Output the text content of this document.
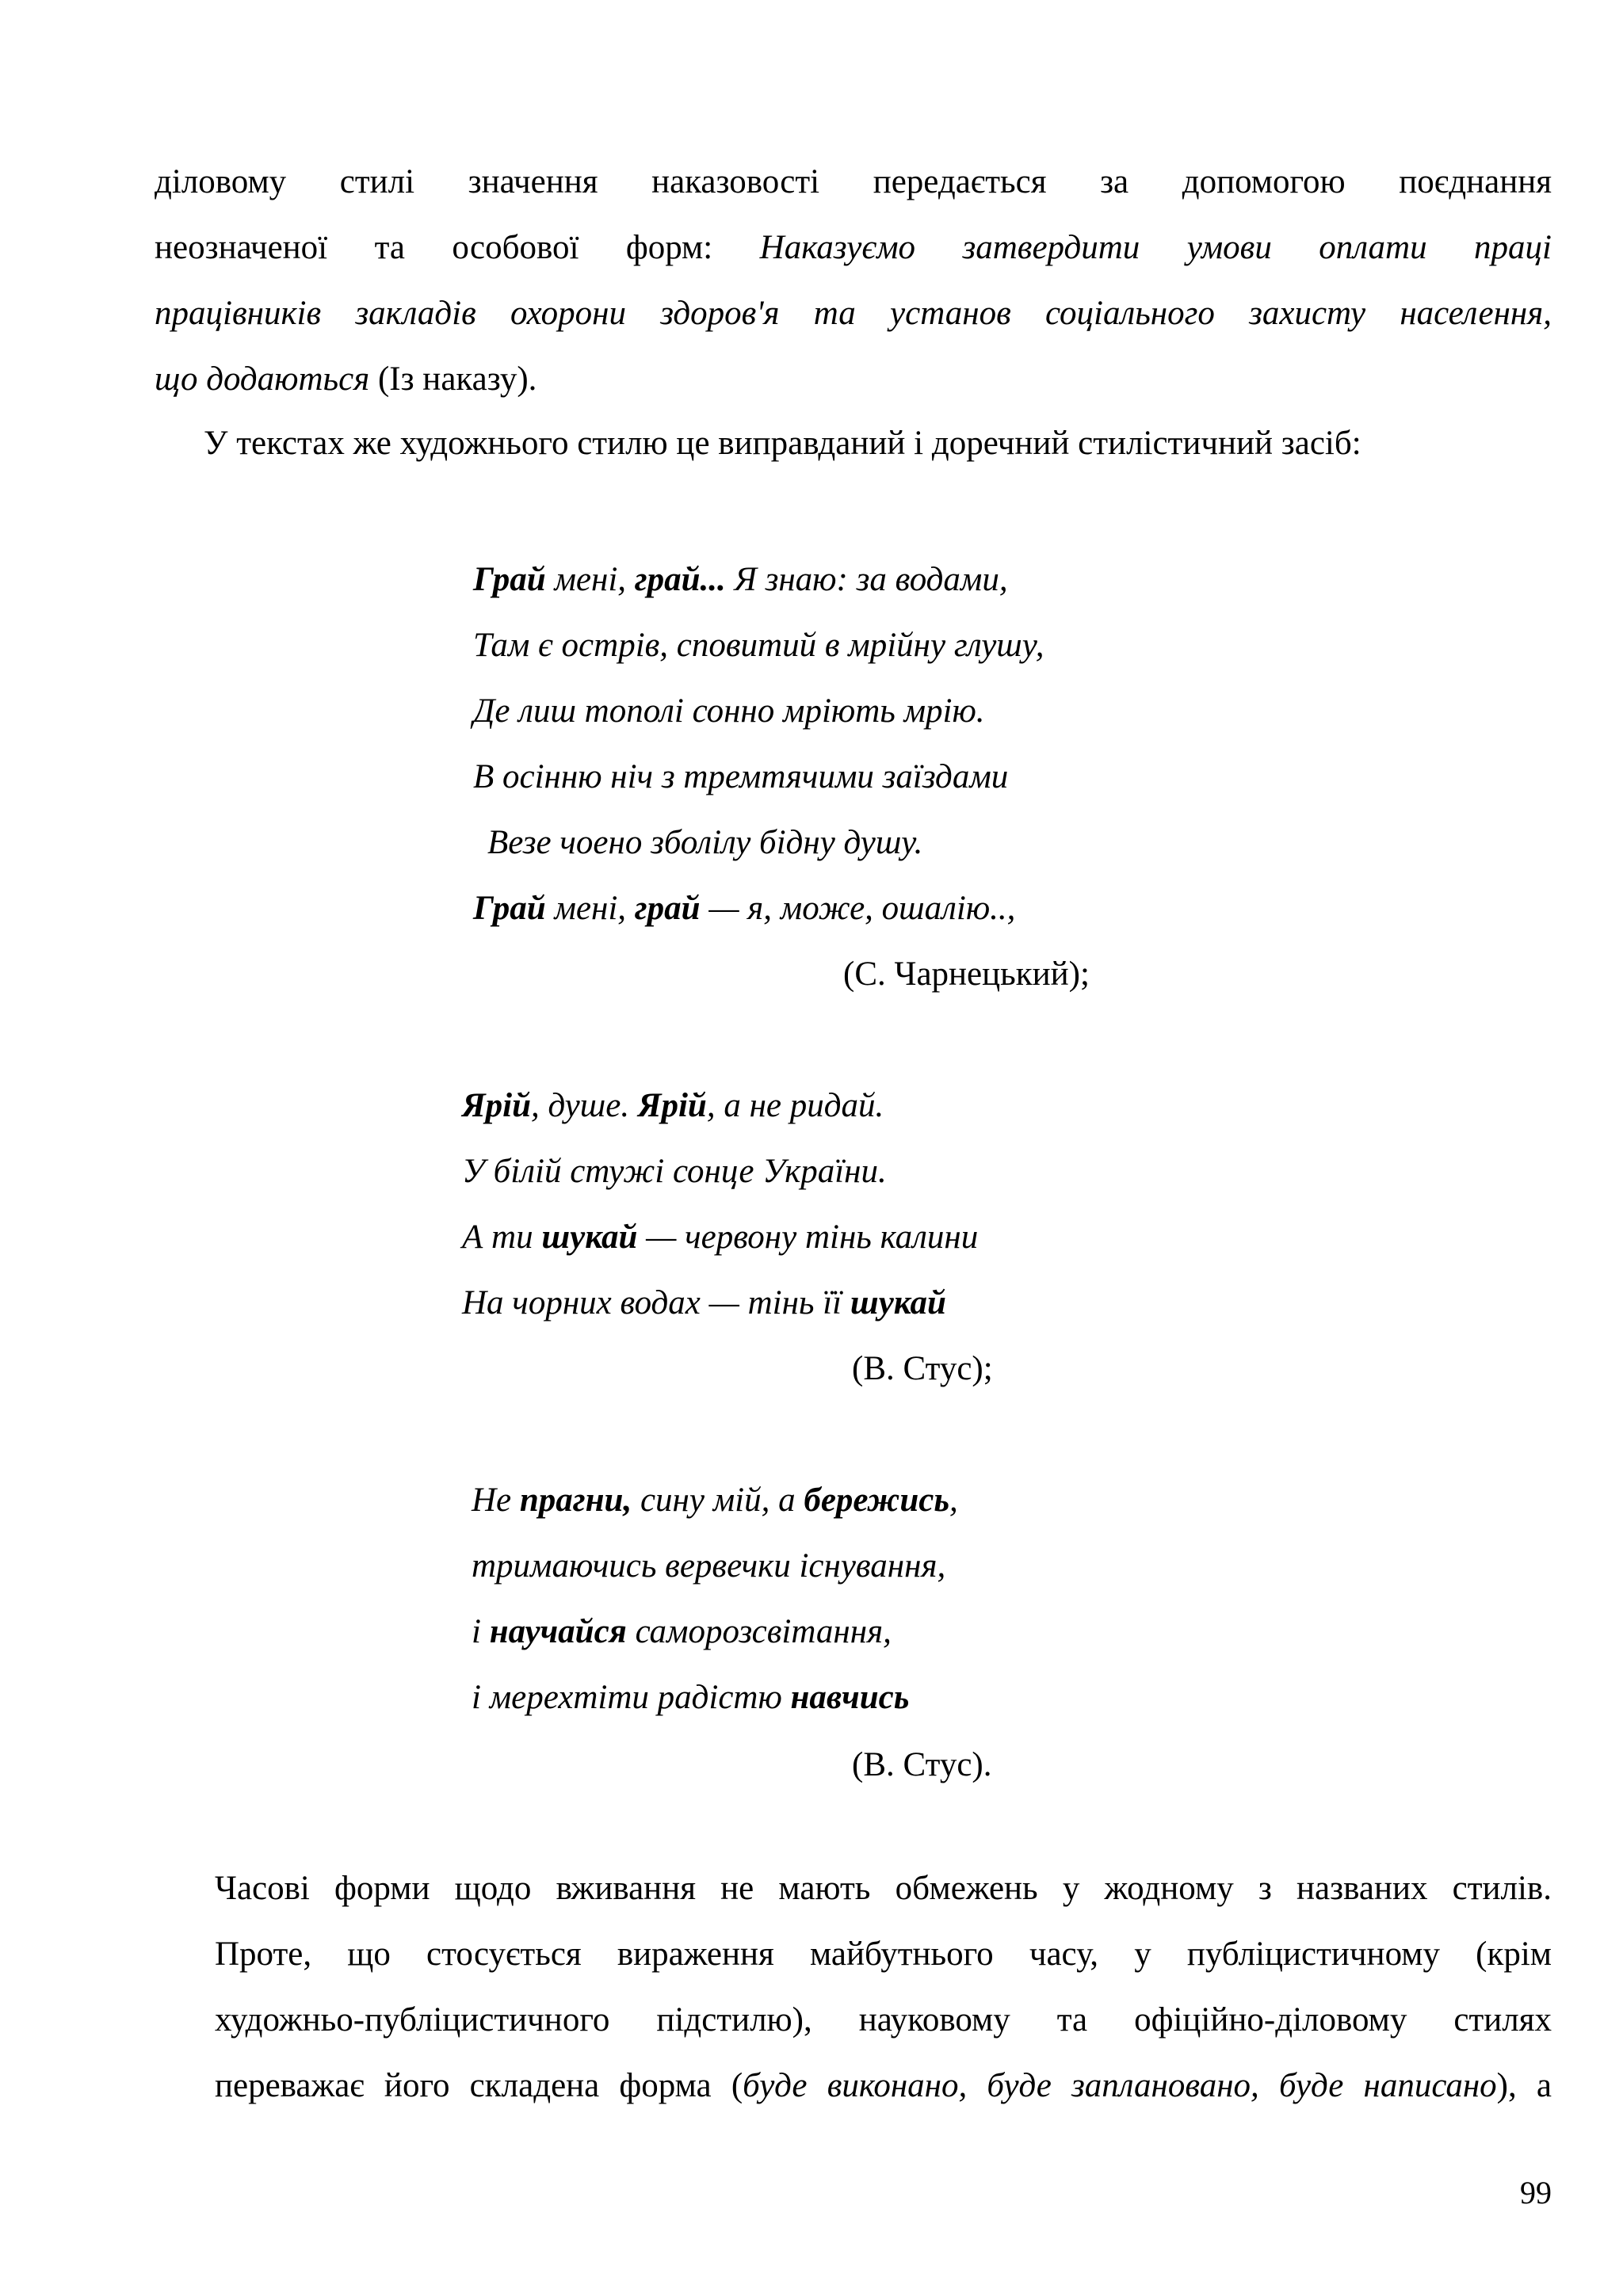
діловому стилі значення наказовості передається за допомогою поєднання
неозначеної та особової форм: Наказуємо затвердити умови оплати праці
працівників закладів охорони здоров'я та установ соціального захисту населення,
що додаються (Із наказу).
У текстах же художнього стилю це виправданий і доречний стилістичний засіб:
Грай мені, грай... Я знаю: за водами,
Там є острів, сповитий в мрійну глушу,
Де лиш тополі сонно мріють мрію.
В осінню ніч з тремтячими заїздами
Везе чоено зболілу бідну душу.
Грай мені, грай — я, може, ошалію..,
(С. Чарнецький);
Ярій, душе. Ярій, а не ридай.
У білій стужі сонце України.
А ти шукай — червону тінь калини
На чорних водах — тінь її шукай
(В. Стус);
Не прагни, сину мій, а бережись,
тримаючись вервечки існування,
і научайся саморозсвітання,
і мерехтіти радістю навчись
(В. Стус).
Часові форми щодо вживання не мають обмежень у жодному з названих стилів.
Проте, що стосується вираження майбутнього часу, у публіцистичному (крім
художньо-публіцистичного підстилю), науковому та офіційно-діловому стилях
переважає його складена форма (буде виконано, буде заплановано, буде написано), а
99
